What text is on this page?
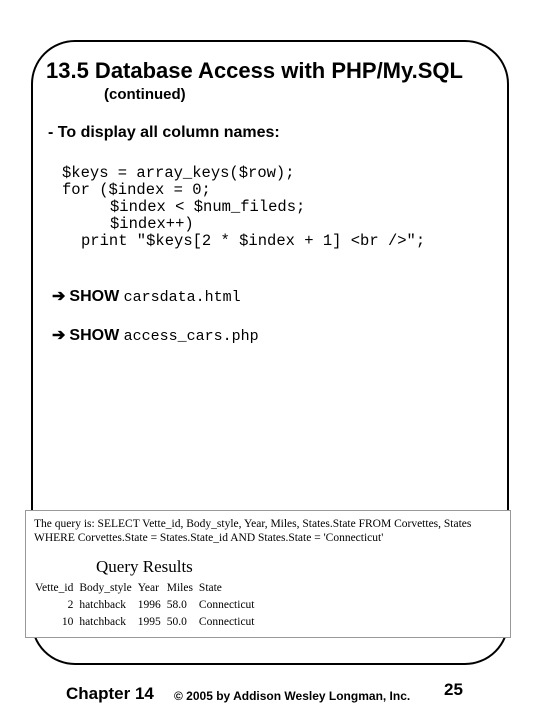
13.5 Database Access with PHP/My.SQL
(continued)
- To display all column names:
$keys = array_keys($row);
for ($index = 0;
$index < $num_fileds;
$index++)
print "$keys[2 * $index + 1] <br />";
➔ SHOW carsdata.html
➔ SHOW access_cars.php
The query is: SELECT Vette_id, Body_style, Year, Miles, States.State FROM Corvettes, States WHERE Corvettes.State = States.State_id AND States.State = 'Connecticut'
Query Results
Vette_id	Body_style	Year	Miles	State
2	hatchback	1996	58.0	Connecticut
10	hatchback	1995	50.0	Connecticut
Chapter 14 © 2005 by Addison Wesley Longman, Inc. 25
